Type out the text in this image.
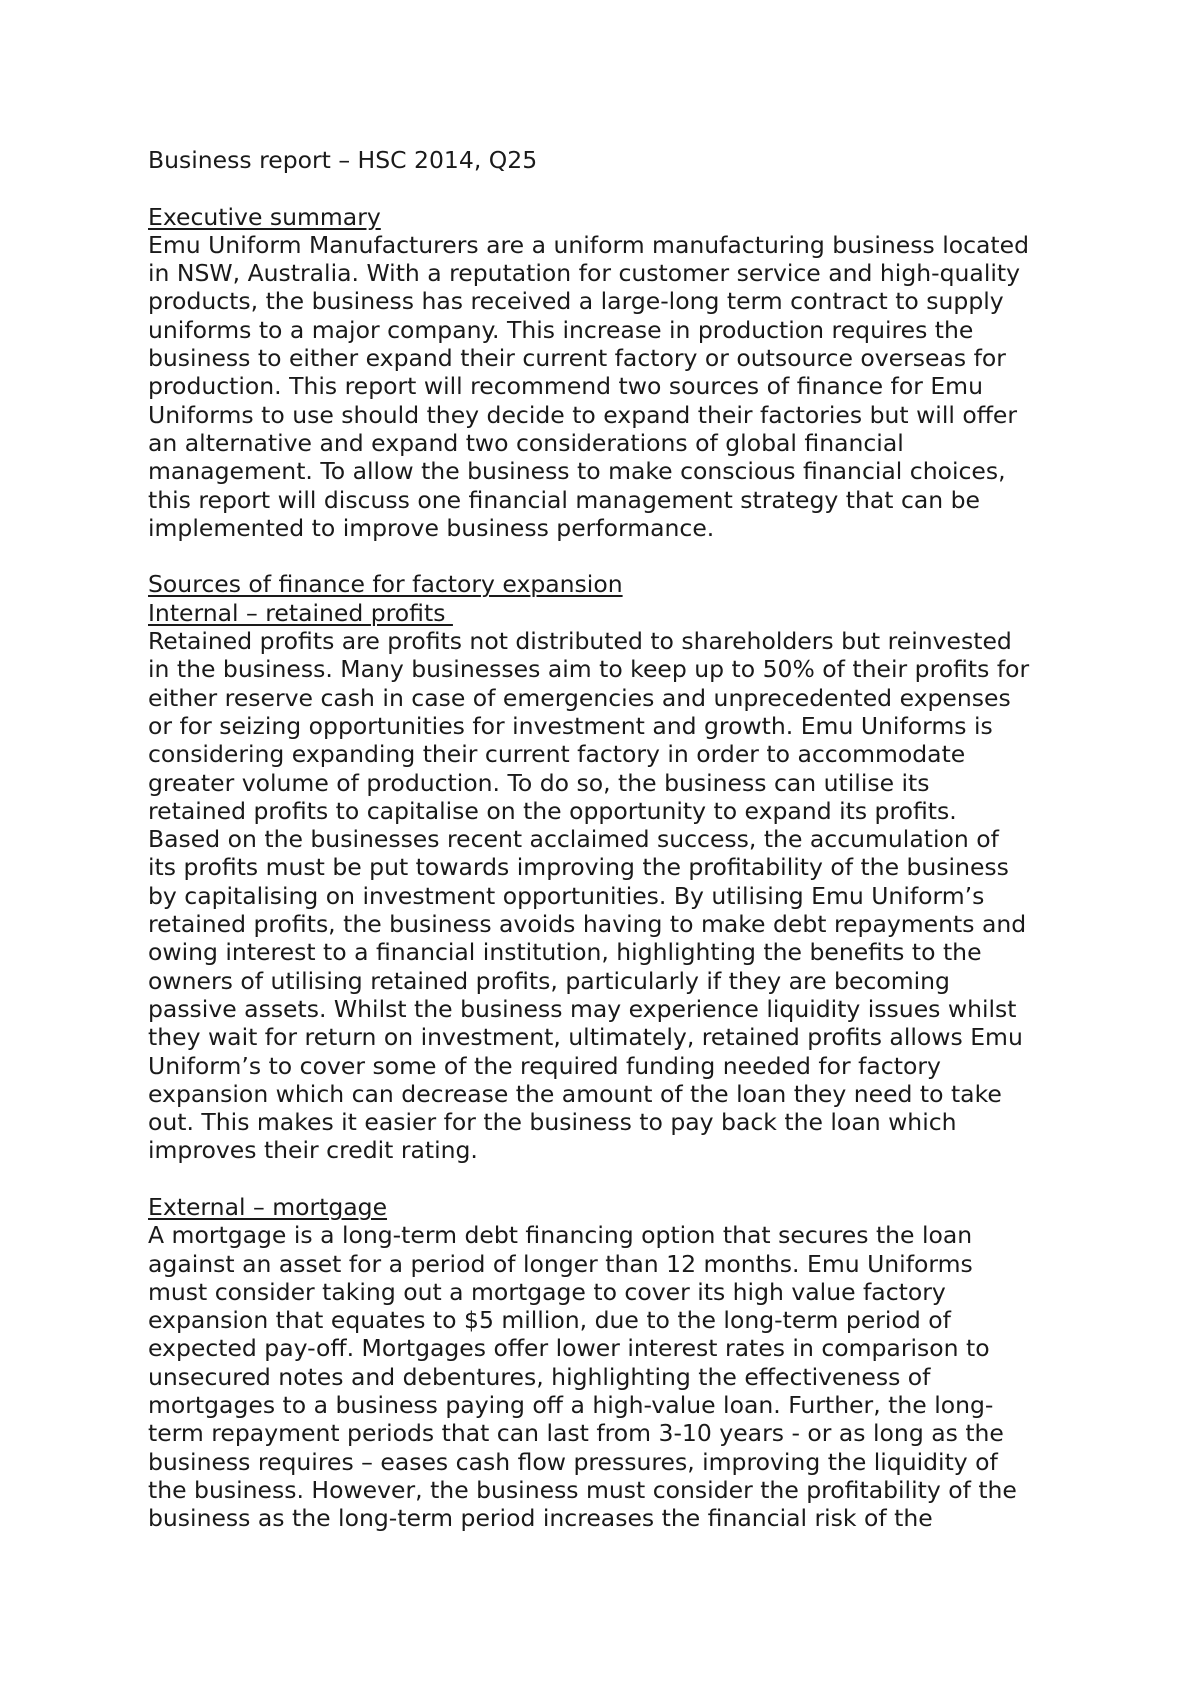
Business report – HSC 2014, Q25
Executive summary
Emu Uniform Manufacturers are a uniform manufacturing business located
in NSW, Australia. With a reputation for customer service and high-quality
products, the business has received a large-long term contract to supply
uniforms to a major company. This increase in production requires the
business to either expand their current factory or outsource overseas for
production. This report will recommend two sources of finance for Emu
Uniforms to use should they decide to expand their factories but will offer
an alternative and expand two considerations of global financial
management. To allow the business to make conscious financial choices,
this report will discuss one financial management strategy that can be
implemented to improve business performance.
Sources of finance for factory expansion
Internal – retained profits
Retained profits are profits not distributed to shareholders but reinvested
in the business. Many businesses aim to keep up to 50% of their profits for
either reserve cash in case of emergencies and unprecedented expenses
or for seizing opportunities for investment and growth. Emu Uniforms is
considering expanding their current factory in order to accommodate
greater volume of production. To do so, the business can utilise its
retained profits to capitalise on the opportunity to expand its profits.
Based on the businesses recent acclaimed success, the accumulation of
its profits must be put towards improving the profitability of the business
by capitalising on investment opportunities. By utilising Emu Uniform’s
retained profits, the business avoids having to make debt repayments and
owing interest to a financial institution, highlighting the benefits to the
owners of utilising retained profits, particularly if they are becoming
passive assets. Whilst the business may experience liquidity issues whilst
they wait for return on investment, ultimately, retained profits allows Emu
Uniform’s to cover some of the required funding needed for factory
expansion which can decrease the amount of the loan they need to take
out. This makes it easier for the business to pay back the loan which
improves their credit rating.
External – mortgage
A mortgage is a long-term debt financing option that secures the loan
against an asset for a period of longer than 12 months. Emu Uniforms
must consider taking out a mortgage to cover its high value factory
expansion that equates to $5 million, due to the long-term period of
expected pay-off. Mortgages offer lower interest rates in comparison to
unsecured notes and debentures, highlighting the effectiveness of
mortgages to a business paying off a high-value loan. Further, the long-
term repayment periods that can last from 3-10 years - or as long as the
business requires – eases cash flow pressures, improving the liquidity of
the business. However, the business must consider the profitability of the
business as the long-term period increases the financial risk of the
